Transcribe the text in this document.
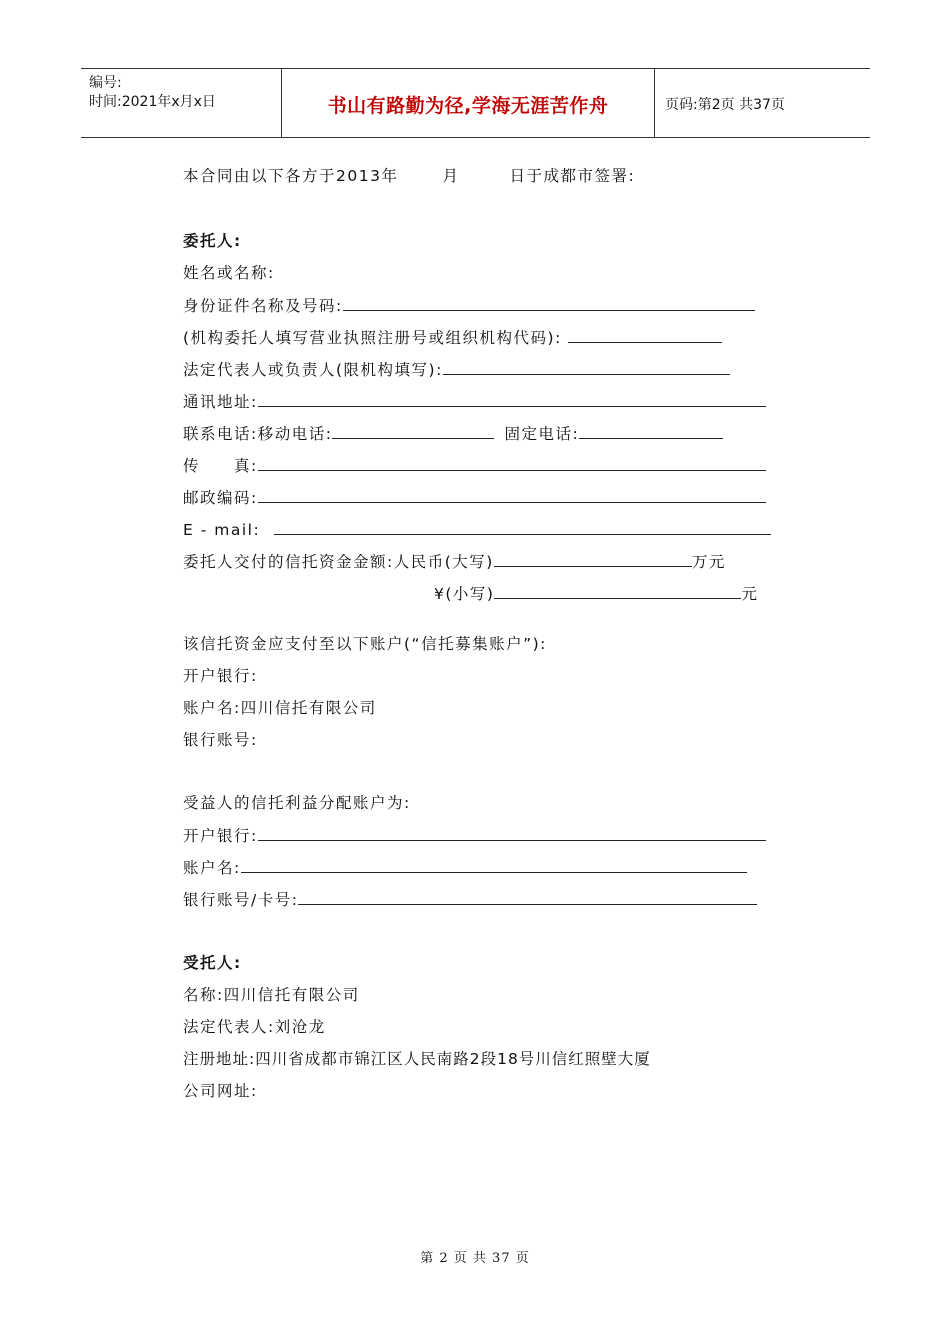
编号:
时间:2021年x月x日	书山有路勤为径,学海无涯苦作舟	页码:第2页 共37页
本合同由以下各方于2013年	月	日于成都市签署:
委托人:
姓名或名称:
身份证件名称及号码:
(机构委托人填写营业执照注册号或组织机构代码):
法定代表人或负责人(限机构填写):
通讯地址:
联系电话:移动电话:	固定电话:
传 真:
邮政编码:
E - mail:
委托人交付的信托资金金额:人民币(大写)	万元
¥(小写)	元
该信托资金应支付至以下账户(“信托募集账户”):
开户银行:
账户名:四川信托有限公司
银行账号:
受益人的信托利益分配账户为:
开户银行:
账户名:
银行账号/卡号:
受托人:
名称:四川信托有限公司
法定代表人:刘沧龙
注册地址:四川省成都市锦江区人民南路2段18号川信红照壁大厦
公司网址:
第 2 页 共 37 页
